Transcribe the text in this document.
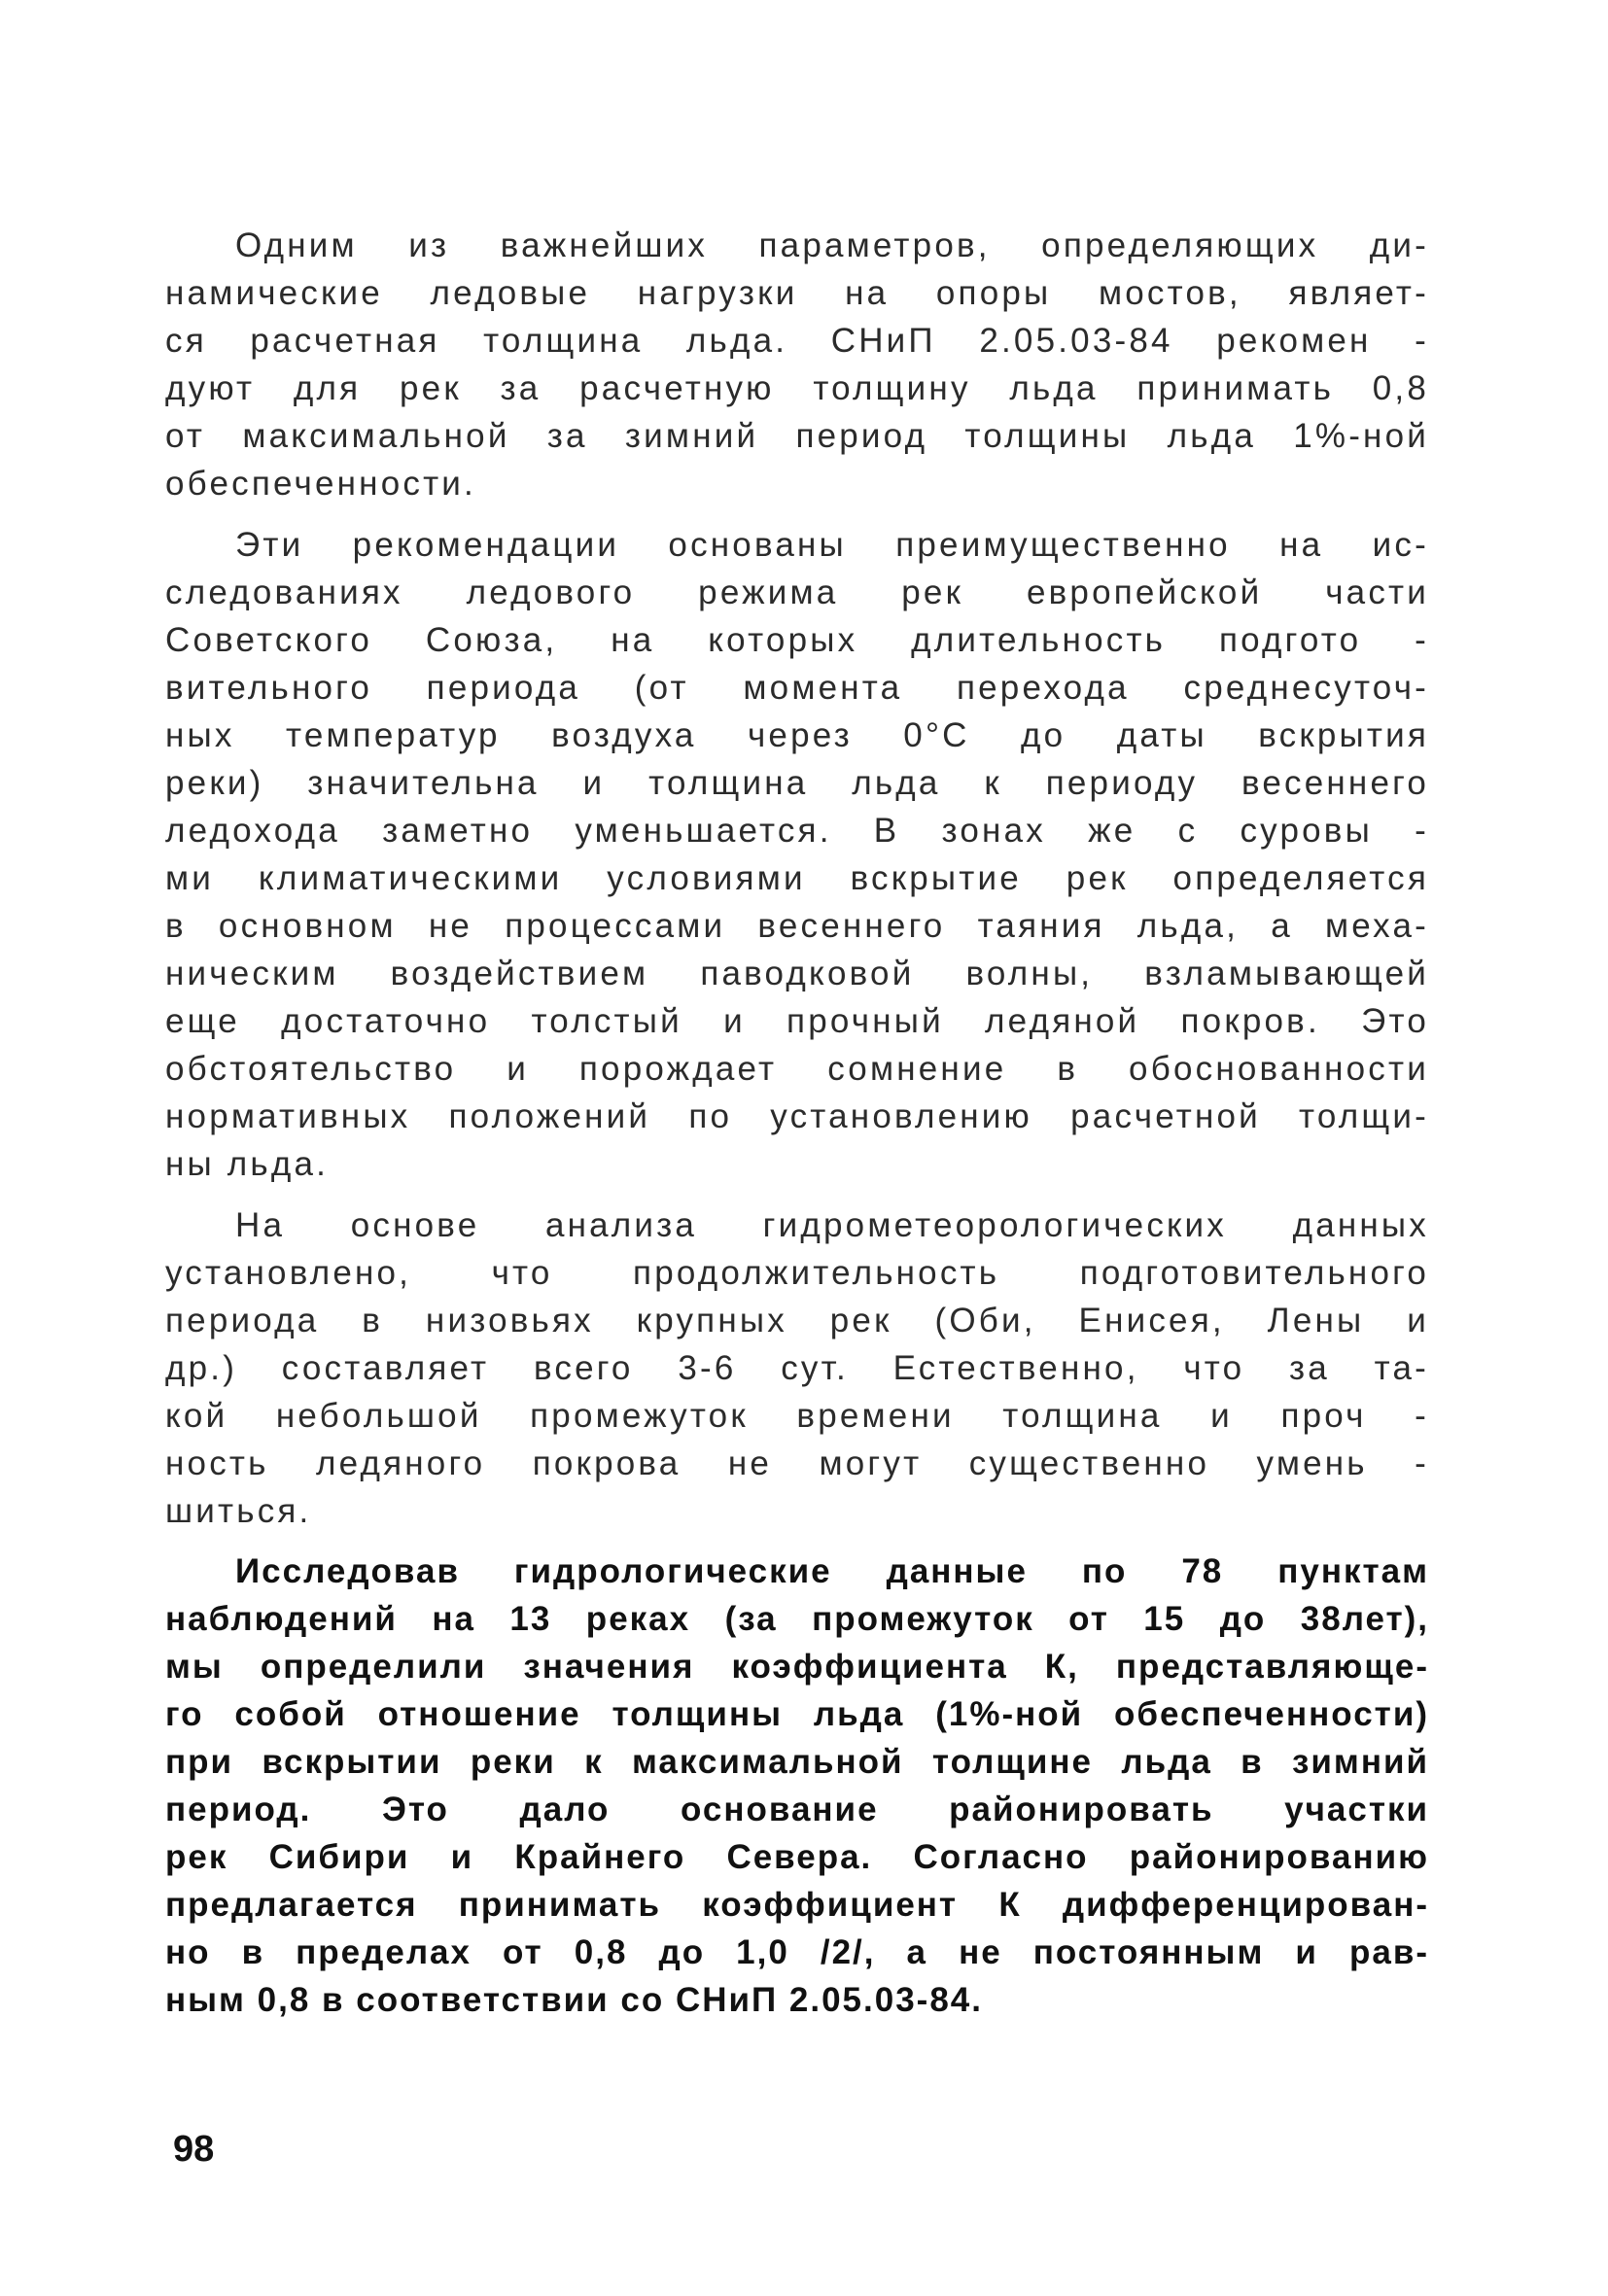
Одним из важнейших параметров, определяющих ди-
намические ледовые нагрузки на опоры мостов, являет-
ся расчетная толщина льда. СНиП 2.05.03-84 рекомен -
дуют для рек за расчетную толщину льда принимать 0,8
от максимальной за зимний период толщины льда 1%-ной
обеспеченности.
Эти рекомендации основаны преимущественно на ис-
следованиях ледового режима рек европейской части
Советского Союза, на которых длительность подгото -
вительного периода (от момента перехода среднесуточ-
ных температур воздуха через 0°С до даты вскрытия
реки) значительна и толщина льда к периоду весеннего
ледохода заметно уменьшается. В зонах же с суровы -
ми климатическими условиями вскрытие рек определяется
в основном не процессами весеннего таяния льда, а меха-
ническим воздействием паводковой волны, взламывающей
еще достаточно толстый и прочный ледяной покров. Это
обстоятельство и порождает сомнение в обоснованности
нормативных положений по установлению расчетной толщи-
ны льда.
На основе анализа гидрометеорологических данных
установлено, что продолжительность подготовительного
периода в низовьях крупных рек (Оби, Енисея, Лены и
др.) составляет всего 3-6 сут. Естественно, что за та-
кой небольшой промежуток времени толщина и проч -
ность ледяного покрова не могут существенно умень -
шиться.
Исследовав гидрологические данные по 78 пунктам
наблюдений на 13 реках (за промежуток от 15 до 38лет),
мы определили значения коэффициента К, представляюще-
го собой отношение толщины льда (1%-ной обеспеченности)
при вскрытии реки к максимальной толщине льда в зимний
период. Это дало основание районировать участки
рек Сибири и Крайнего Севера. Согласно районированию
предлагается принимать коэффициент К дифференцирован-
но в пределах от 0,8 до 1,0 /2/, а не постоянным и рав-
ным 0,8 в соответствии со СНиП 2.05.03-84.
98
